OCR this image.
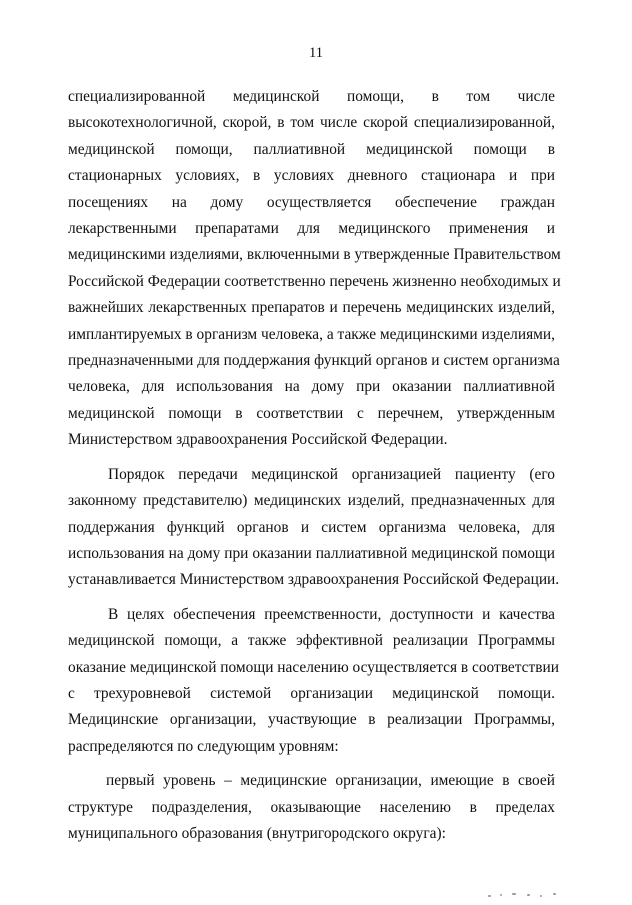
11
специализированной медицинской помощи, в том числе
высокотехнологичной, скорой, в том числе скорой специализированной,
медицинской помощи, паллиативной медицинской помощи в
стационарных условиях, в условиях дневного стационара и при
посещениях на дому осуществляется обеспечение граждан
лекарственными препаратами для медицинского применения и
медицинскими изделиями, включенными в утвержденные Правительством
Российской Федерации соответственно перечень жизненно необходимых и
важнейших лекарственных препаратов и перечень медицинских изделий,
имплантируемых в организм человека, а также медицинскими изделиями,
предназначенными для поддержания функций органов и систем организма
человека, для использования на дому при оказании паллиативной
медицинской помощи в соответствии с перечнем, утвержденным
Министерством здравоохранения Российской Федерации.
Порядок передачи медицинской организацией пациенту (его
законному представителю) медицинских изделий, предназначенных для
поддержания функций органов и систем организма человека, для
использования на дому при оказании паллиативной медицинской помощи
устанавливается Министерством здравоохранения Российской Федерации.
В целях обеспечения преемственности, доступности и качества
медицинской помощи, а также эффективной реализации Программы
оказание медицинской помощи населению осуществляется в соответствии
с трехуровневой системой организации медицинской помощи.
Медицинские организации, участвующие в реализации Программы,
распределяются по следующим уровням:
первый уровень – медицинские организации, имеющие в своей
структуре подразделения, оказывающие населению в пределах
муниципального образования (внутригородского округа):
